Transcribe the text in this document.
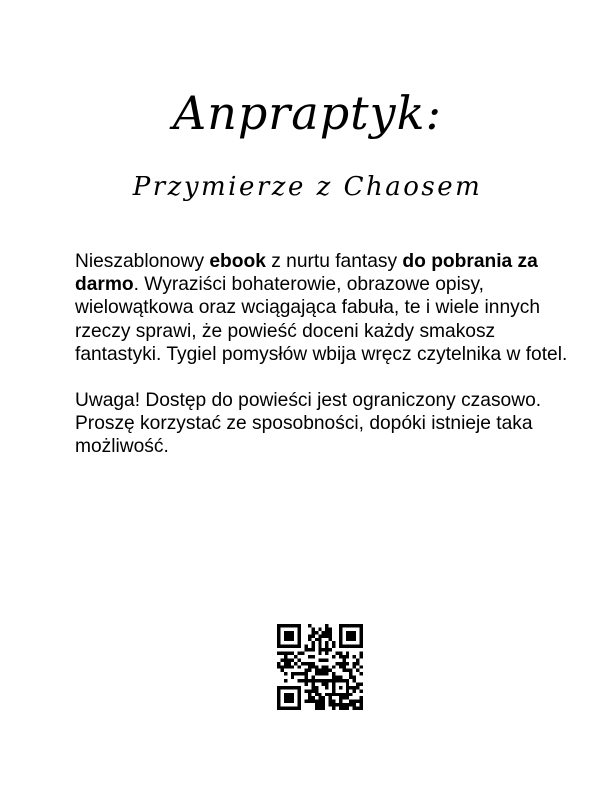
Anpraptyk:
Przymierze z Chaosem

Nieszablonowy ebook z nurtu fantasy do pobrania za darmo. Wyraziści bohaterowie, obrazowe opisy, wielowątkowa oraz wciągająca fabuła, te i wiele innych rzeczy sprawi, że powieść doceni każdy smakosz fantastyki. Tygiel pomysłów wbija wręcz czytelnika w fotel.

Uwaga! Dostęp do powieści jest ograniczony czasowo. Proszę korzystać ze sposobności, dopóki istnieje taka możliwość.
